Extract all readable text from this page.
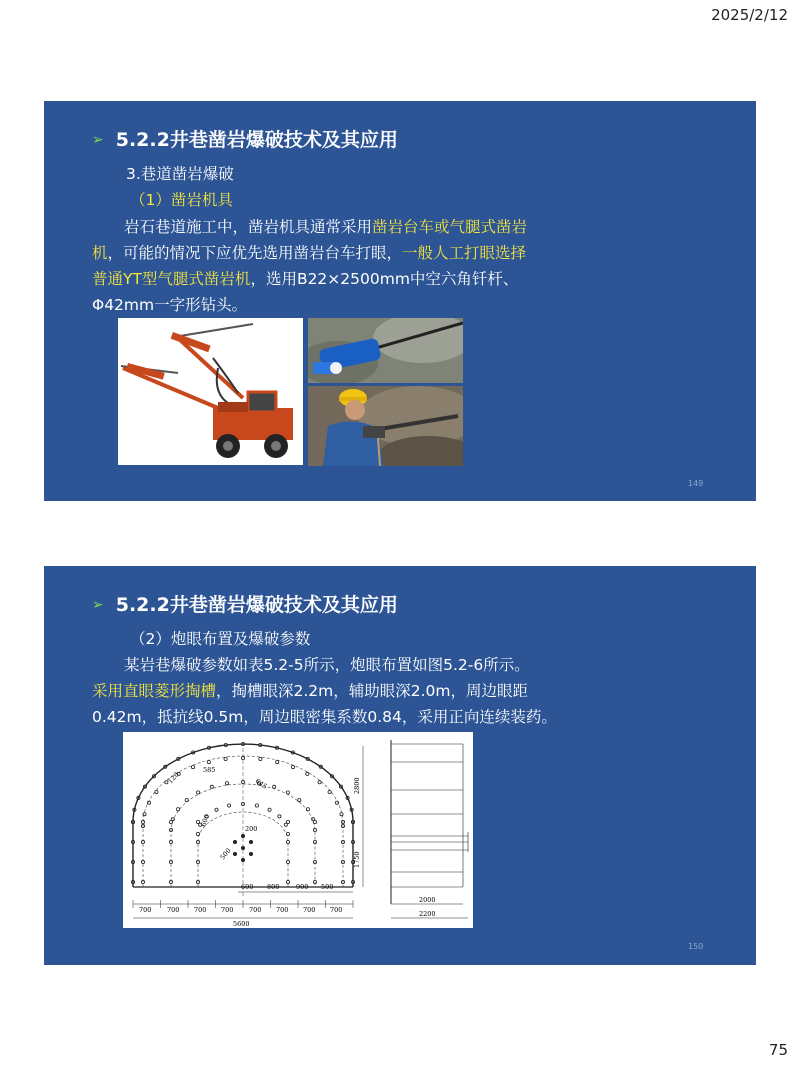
2025/2/12
➢ 5.2.2井巷凿岩爆破技术及其应用
3.巷道凿岩爆破
（1）凿岩机具
岩石巷道施工中，凿岩机具通常采用凿岩台车或气腿式凿岩
机，可能的情况下应优先选用凿岩台车打眼，一般人工打眼选择
普通YT型气腿式凿岩机，选用B22×2500mm中空六角钎杆、
Φ42mm一字形钻头。
149
➢ 5.2.2井巷凿岩爆破技术及其应用
（2）炮眼布置及爆破参数
某岩巷爆破参数如表5.2-5所示，炮眼布置如图5.2-6所示。
采用直眼菱形掏槽，掏槽眼深2.2m，辅助眼深2.0m，周边眼距
0.42m，抵抗线0.5m，周边眼密集系数0.84，采用正向连续装药。
700 700 700 700 700 700 700 700
5600
600 800	900 500
120
585
645
600
200
500
2800
1750
2000
2200
150
75
